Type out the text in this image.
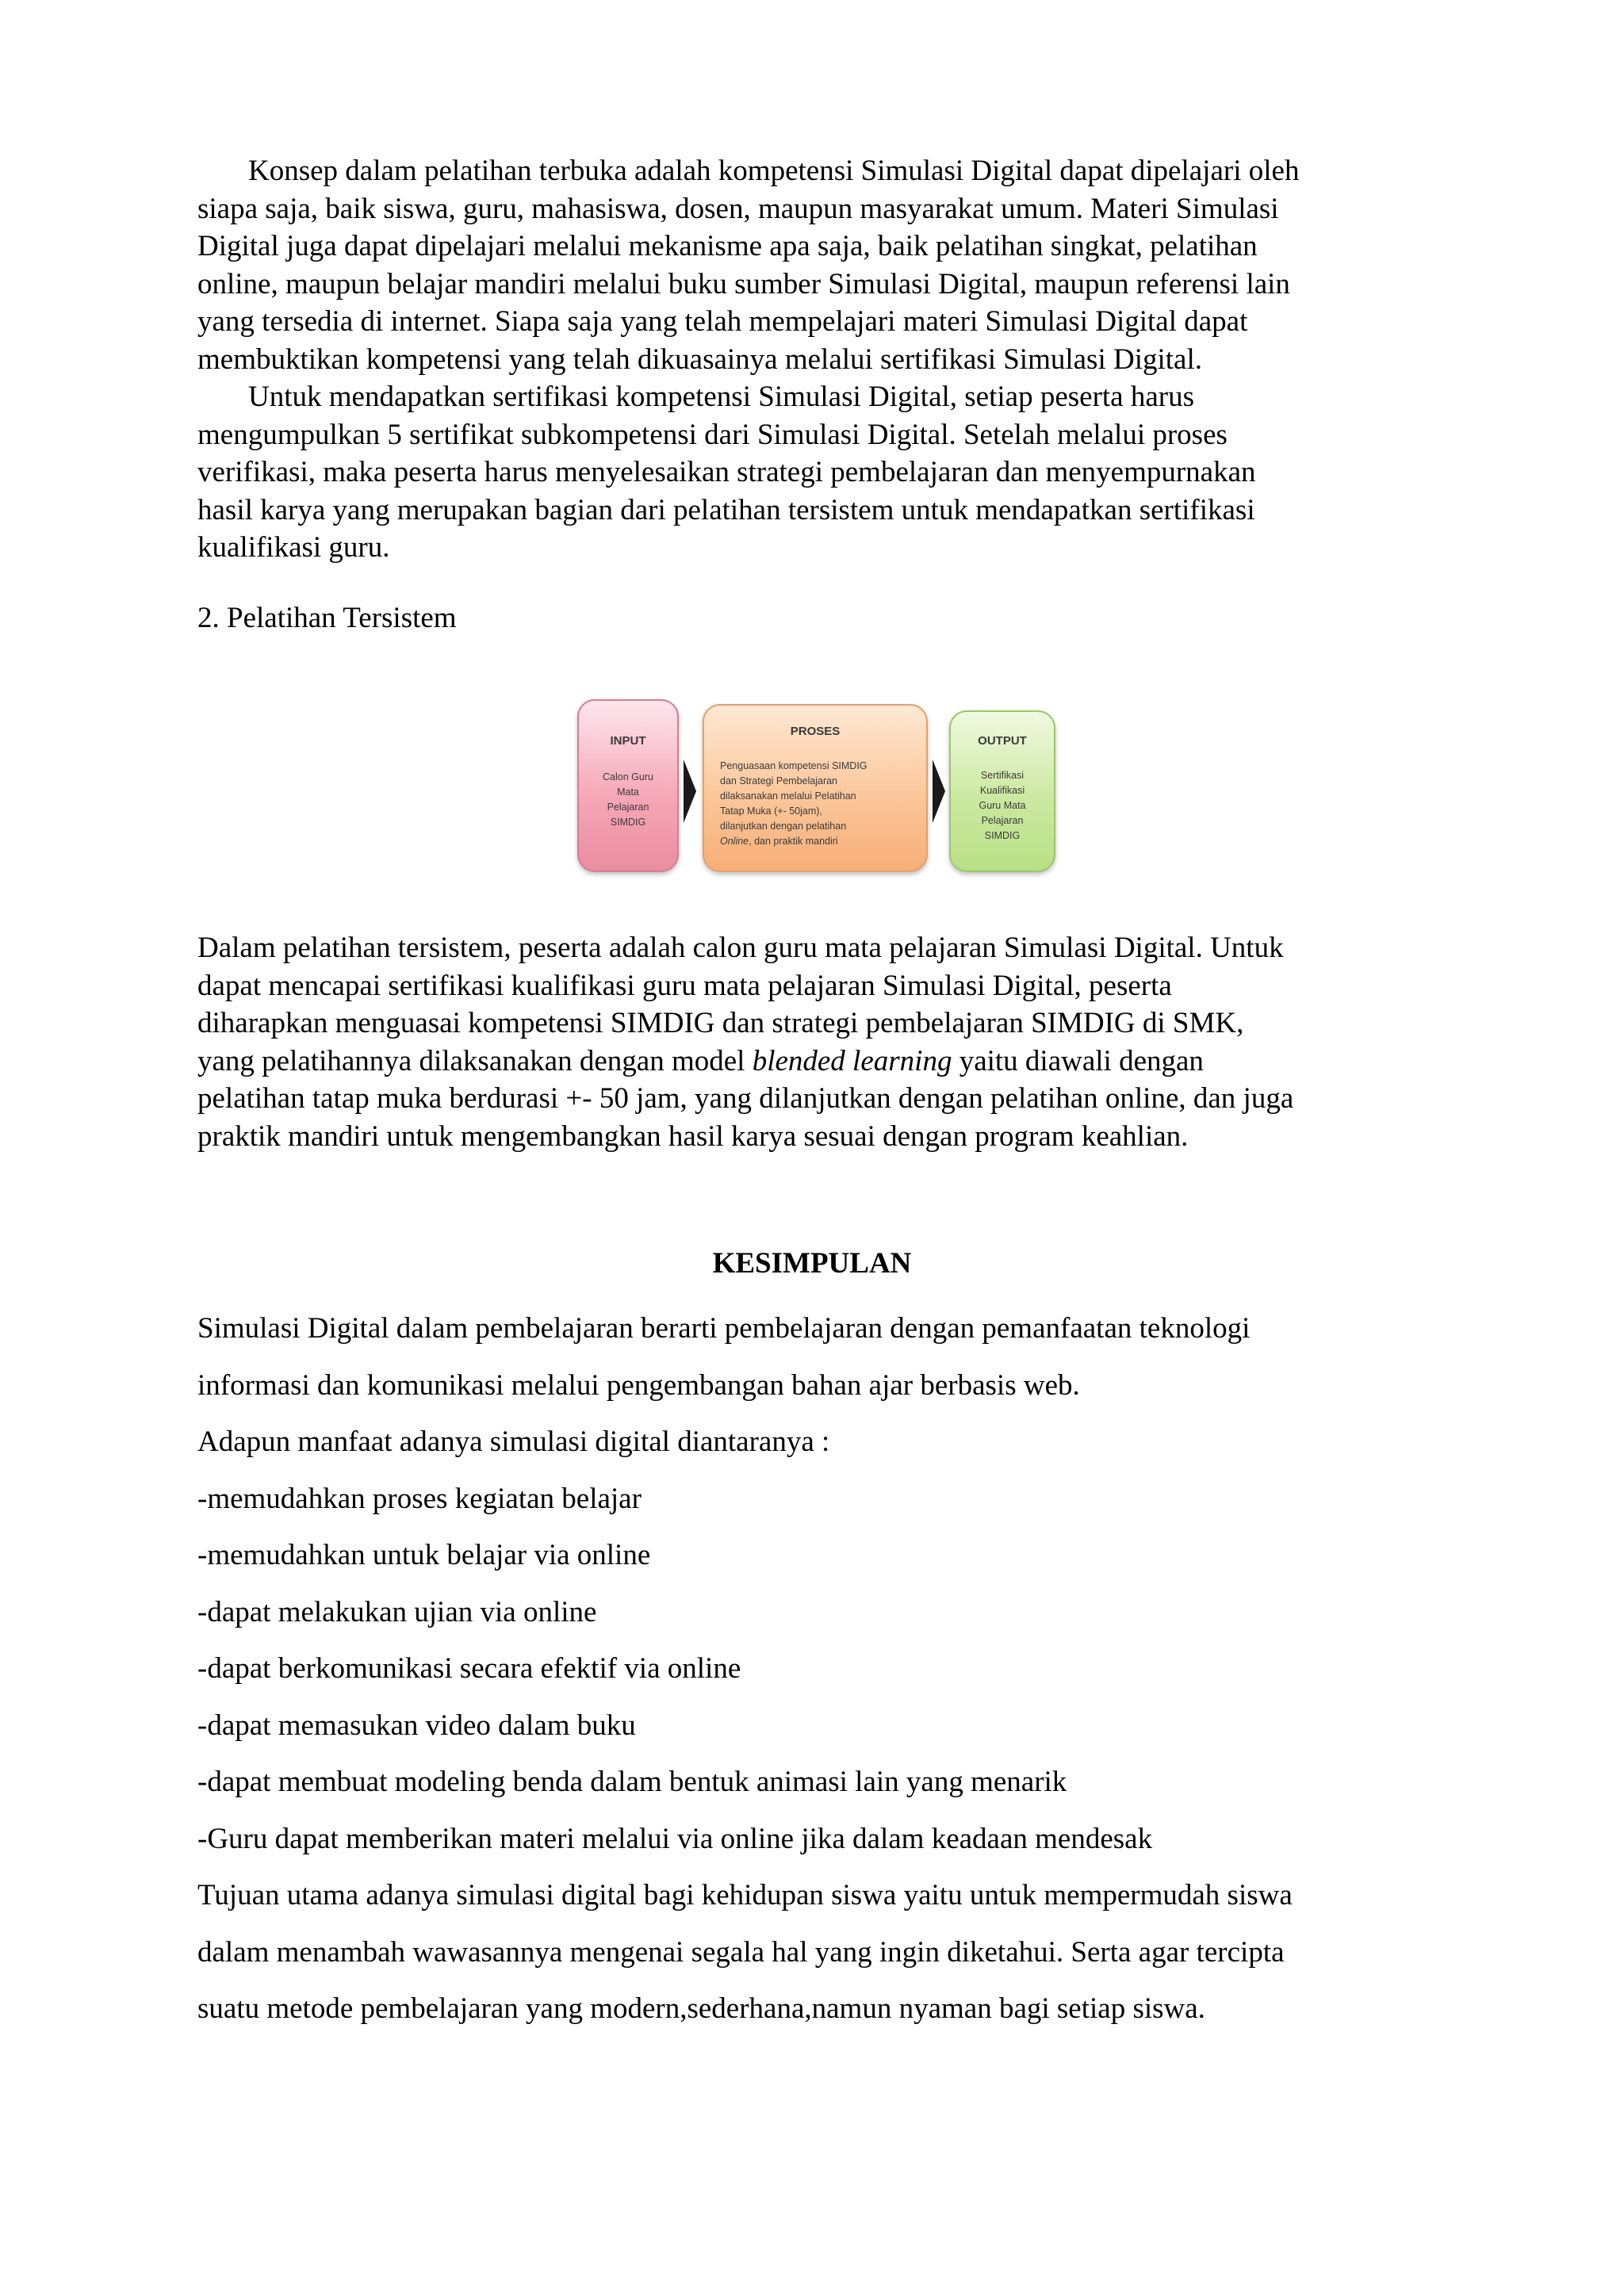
Konsep dalam pelatihan terbuka adalah kompetensi Simulasi Digital dapat dipelajari oleh
siapa saja, baik siswa, guru, mahasiswa, dosen, maupun masyarakat umum. Materi Simulasi
Digital juga dapat dipelajari melalui mekanisme apa saja, baik pelatihan singkat, pelatihan
online, maupun belajar mandiri melalui buku sumber Simulasi Digital, maupun referensi lain
yang tersedia di internet. Siapa saja yang telah mempelajari materi Simulasi Digital dapat
membuktikan kompetensi yang telah dikuasainya melalui sertifikasi Simulasi Digital.
Untuk mendapatkan sertifikasi kompetensi Simulasi Digital, setiap peserta harus
mengumpulkan 5 sertifikat subkompetensi dari Simulasi Digital. Setelah melalui proses
verifikasi, maka peserta harus menyelesaikan strategi pembelajaran dan menyempurnakan
hasil karya yang merupakan bagian dari pelatihan tersistem untuk mendapatkan sertifikasi
kualifikasi guru.
2. Pelatihan Tersistem
INPUT

Calon Guru
Mata
Pelajaran
SIMDIG

PROSES

Penguasaan kompetensi SIMDIG
dan Strategi Pembelajaran
dilaksanakan melalui Pelatihan
Tatap Muka (+- 50jam),
dilanjutkan dengan pelatihan
Online, dan praktik mandiri

OUTPUT

Sertifikasi
Kualifikasi
Guru Mata
Pelajaran
SIMDIG

Dalam pelatihan tersistem, peserta adalah calon guru mata pelajaran Simulasi Digital. Untuk
dapat mencapai sertifikasi kualifikasi guru mata pelajaran Simulasi Digital, peserta
diharapkan menguasai kompetensi SIMDIG dan strategi pembelajaran SIMDIG di SMK,
yang pelatihannya dilaksanakan dengan model blended learning yaitu diawali dengan
pelatihan tatap muka berdurasi +- 50 jam, yang dilanjutkan dengan pelatihan online, dan juga
praktik mandiri untuk mengembangkan hasil karya sesuai dengan program keahlian.
KESIMPULAN
Simulasi Digital dalam pembelajaran berarti pembelajaran dengan pemanfaatan teknologi
informasi dan komunikasi melalui pengembangan bahan ajar berbasis web.
Adapun manfaat adanya simulasi digital diantaranya :
-memudahkan proses kegiatan belajar
-memudahkan untuk belajar via online
-dapat melakukan ujian via online
-dapat berkomunikasi secara efektif via online
-dapat memasukan video dalam buku
-dapat membuat modeling benda dalam bentuk animasi lain yang menarik
-Guru dapat memberikan materi melalui via online jika dalam keadaan mendesak
Tujuan utama adanya simulasi digital bagi kehidupan siswa yaitu untuk mempermudah siswa
dalam menambah wawasannya mengenai segala hal yang ingin diketahui. Serta agar tercipta
suatu metode pembelajaran yang modern,sederhana,namun nyaman bagi setiap siswa.
